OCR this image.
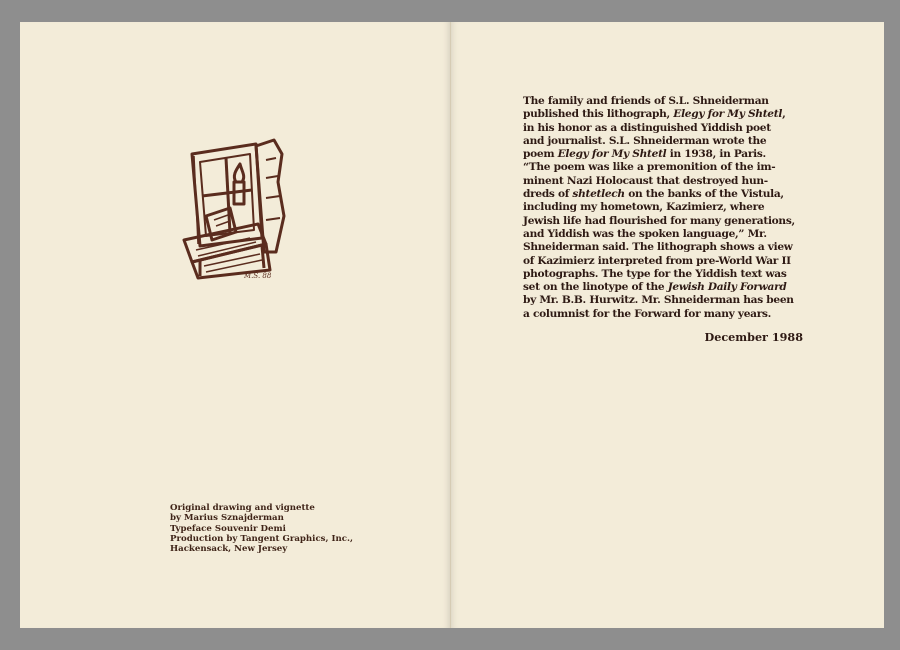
M.S. 88
Original drawing and vignette
by Marius Sznajderman
Typeface Souvenir Demi
Production by Tangent Graphics, Inc.,
Hackensack, New Jersey
The family and friends of S.L. Shneiderman
published this lithograph, Elegy for My Shtetl,
in his honor as a distinguished Yiddish poet
and journalist. S.L. Shneiderman wrote the
poem Elegy for My Shtetl in 1938, in Paris.
“The poem was like a premonition of the im-
minent Nazi Holocaust that destroyed hun-
dreds of shtetlech on the banks of the Vistula,
including my hometown, Kazimierz, where
Jewish life had flourished for many generations,
and Yiddish was the spoken language,” Mr.
Shneiderman said. The lithograph shows a view
of Kazimierz interpreted from pre-World War II
photographs. The type for the Yiddish text was
set on the linotype of the Jewish Daily Forward
by Mr. B.B. Hurwitz. Mr. Shneiderman has been
a columnist for the Forward for many years.
December 1988
